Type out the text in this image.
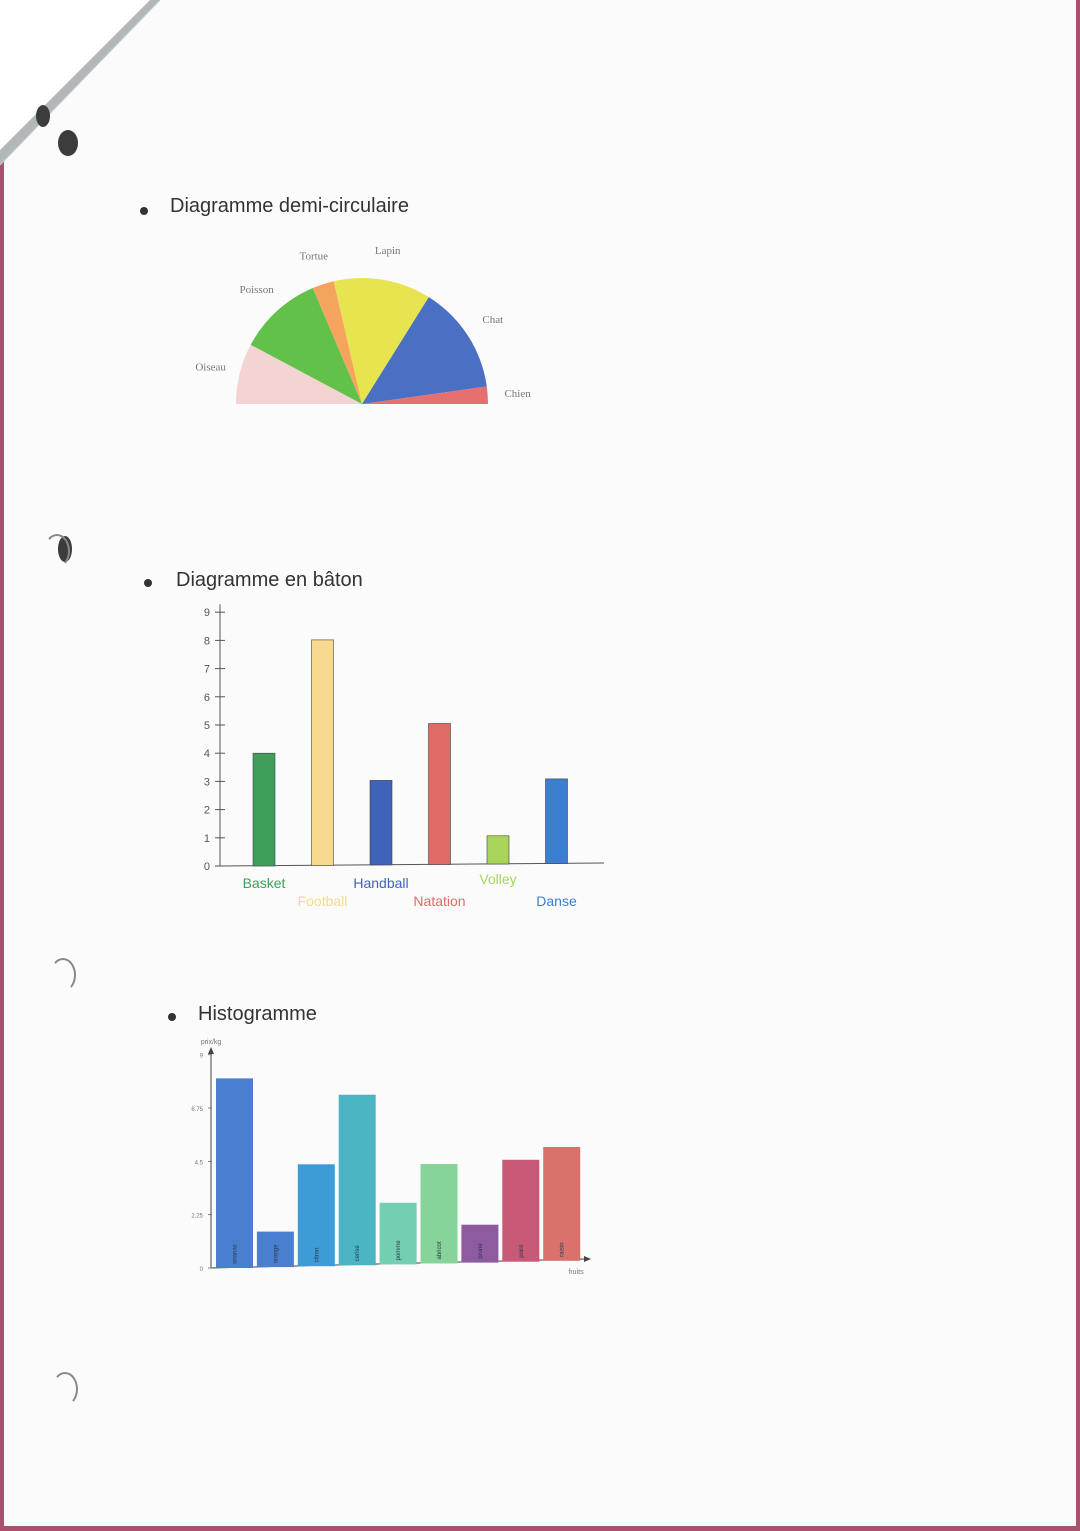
Diagramme demi-circulaire
Diagramme en bâton
Histogramme
Oiseau
Poisson
Tortue	Lapin
Chat
Chien
0
1
2
3
4
5
6
7
8
9
Basket
Football
Handball
Natation
Volley
Danse
0
2.25
4.5
6.75
9
prix/kg
fruits
ananas	orange	citron	cerise	pomme	abricot	prune	poire	raisin
